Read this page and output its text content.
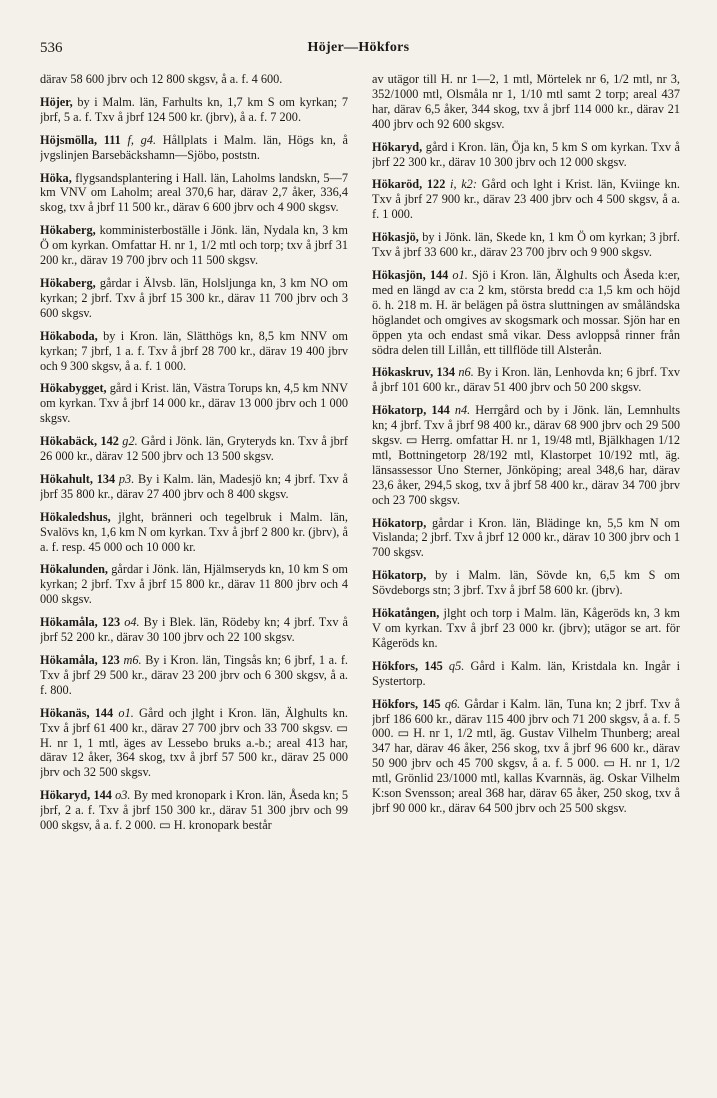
536	Höjer—Hökfors

därav 58 600 jbrv och 12 800 skgsv, å a. f. 4 600.

Höjer, by i Malm. län, Farhults kn, 1,7 km S om kyrkan; 7 jbrf, 5 a. f. Txv å jbrf 124 500 kr. (jbrv), å a. f. 7 200.

Höjsmölla, 111 f, g4. Hållplats i Malm. län, Högs kn, å jvgslinjen Barsebäckshamn—Sjöbo, poststn.

Höka, flygsandsplantering i Hall. län, Laholms landskn, 5—7 km VNV om Laholm; areal 370,6 har, därav 2,7 åker, 336,4 skog, txv å jbrf 11 500 kr., därav 6 600 jbrv och 4 900 skgsv.

Hökaberg, komministerboställe i Jönk. län, Nydala kn, 3 km Ö om kyrkan. Omfattar H. nr 1, 1/2 mtl och torp; txv å jbrf 31 200 kr., därav 19 700 jbrv och 11 500 skgsv.

Hökaberg, gårdar i Älvsb. län, Holsljunga kn, 3 km NO om kyrkan; 2 jbrf. Txv å jbrf 15 300 kr., därav 11 700 jbrv och 3 600 skgsv.

Hökaboda, by i Kron. län, Slätthögs kn, 8,5 km NNV om kyrkan; 7 jbrf, 1 a. f. Txv å jbrf 28 700 kr., därav 19 400 jbrv och 9 300 skgsv, å a. f. 1 000.

Hökabygget, gård i Krist. län, Västra Torups kn, 4,5 km NNV om kyrkan. Txv å jbrf 14 000 kr., därav 13 000 jbrv och 1 000 skgsv.

Hökabäck, 142 g2. Gård i Jönk. län, Gryteryds kn. Txv å jbrf 26 000 kr., därav 12 500 jbrv och 13 500 skgsv.

Hökahult, 134 p3. By i Kalm. län, Madesjö kn; 4 jbrf. Txv å jbrf 35 800 kr., därav 27 400 jbrv och 8 400 skgsv.

Hökaledshus, jlght, bränneri och tegelbruk i Malm. län, Svalövs kn, 1,6 km N om kyrkan. Txv å jbrf 2 800 kr. (jbrv), å a. f. resp. 45 000 och 10 000 kr.

Hökalunden, gårdar i Jönk. län, Hjälmseryds kn, 10 km S om kyrkan; 2 jbrf. Txv å jbrf 15 800 kr., därav 11 800 jbrv och 4 000 skgsv.

Hökamåla, 123 o4. By i Blek. län, Rödeby kn; 4 jbrf. Txv å jbrf 52 200 kr., därav 30 100 jbrv och 22 100 skgsv.

Hökamåla, 123 m6. By i Kron. län, Tingsås kn; 6 jbrf, 1 a. f. Txv å jbrf 29 500 kr., därav 23 200 jbrv och 6 300 skgsv, å a. f. 800.

Hökanäs, 144 o1. Gård och jlght i Kron. län, Älghults kn. Txv å jbrf 61 400 kr., därav 27 700 jbrv och 33 700 skgsv. ▭ H. nr 1, 1 mtl, äges av Lessebo bruks a.-b.; areal 413 har, därav 12 åker, 364 skog, txv å jbrf 57 500 kr., därav 25 000 jbrv och 32 500 skgsv.

Hökaryd, 144 o3. By med kronopark i Kron. län, Åseda kn; 5 jbrf, 2 a. f. Txv å jbrf 150 300 kr., därav 51 300 jbrv och 99 000 skgsv, å a. f. 2 000. ▭ H. kronopark består

av utägor till H. nr 1—2, 1 mtl, Mörtelek nr 6, 1/2 mtl, nr 3, 352/1000 mtl, Olsmåla nr 1, 1/10 mtl samt 2 torp; areal 437 har, därav 6,5 åker, 344 skog, txv å jbrf 114 000 kr., därav 21 400 jbrv och 92 600 skgsv.

Hökaryd, gård i Kron. län, Öja kn, 5 km S om kyrkan. Txv å jbrf 22 300 kr., därav 10 300 jbrv och 12 000 skgsv.

Hökaröd, 122 i, k2: Gård och lght i Krist. län, Kviinge kn. Txv å jbrf 27 900 kr., därav 23 400 jbrv och 4 500 skgsv, å a. f. 1 000.

Hökasjö, by i Jönk. län, Skede kn, 1 km Ö om kyrkan; 3 jbrf. Txv å jbrf 33 600 kr., därav 23 700 jbrv och 9 900 skgsv.

Hökasjön, 144 o1. Sjö i Kron. län, Älghults och Åseda k:er, med en längd av c:a 2 km, största bredd c:a 1,5 km och höjd ö. h. 218 m. H. är belägen på östra sluttningen av småländska höglandet och omgives av skogsmark och mossar. Sjön har en öppen yta och endast små vikar. Dess avloppså rinner från södra delen till Lillån, ett tillflöde till Alsterån.

Hökaskruv, 134 n6. By i Kron. län, Lenhovda kn; 6 jbrf. Txv å jbrf 101 600 kr., därav 51 400 jbrv och 50 200 skgsv.

Hökatorp, 144 n4. Herrgård och by i Jönk. län, Lemnhults kn; 4 jbrf. Txv å jbrf 98 400 kr., därav 68 900 jbrv och 29 500 skgsv. ▭ Herrg. omfattar H. nr 1, 19/48 mtl, Bjälkhagen 1/12 mtl, Bottningetorp 28/192 mtl, Klastorpet 10/192 mtl, äg. länsassessor Uno Sterner, Jönköping; areal 348,6 har, därav 23,6 åker, 294,5 skog, txv å jbrf 58 400 kr., därav 34 700 jbrv och 23 700 skgsv.

Hökatorp, gårdar i Kron. län, Blädinge kn, 5,5 km N om Vislanda; 2 jbrf. Txv å jbrf 12 000 kr., därav 10 300 jbrv och 1 700 skgsv.

Hökatorp, by i Malm. län, Sövde kn, 6,5 km S om Sövdeborgs stn; 3 jbrf. Txv å jbrf 58 600 kr. (jbrv).

Hökatången, jlght och torp i Malm. län, Kågeröds kn, 3 km V om kyrkan. Txv å jbrf 23 000 kr. (jbrv); utägor se art. för Kågeröds kn.

Hökfors, 145 q5. Gård i Kalm. län, Kristdala kn. Ingår i Systertorp.

Hökfors, 145 q6. Gårdar i Kalm. län, Tuna kn; 2 jbrf. Txv å jbrf 186 600 kr., därav 115 400 jbrv och 71 200 skgsv, å a. f. 5 000. ▭ H. nr 1, 1/2 mtl, äg. Gustav Vilhelm Thunberg; areal 347 har, därav 46 åker, 256 skog, txv å jbrf 96 600 kr., därav 50 900 jbrv och 45 700 skgsv, å a. f. 5 000. ▭ H. nr 1, 1/2 mtl, Grönlid 23/1000 mtl, kallas Kvarnnäs, äg. Oskar Vilhelm K:son Svensson; areal 368 har, därav 65 åker, 250 skog, txv å jbrf 90 000 kr., därav 64 500 jbrv och 25 500 skgsv.
